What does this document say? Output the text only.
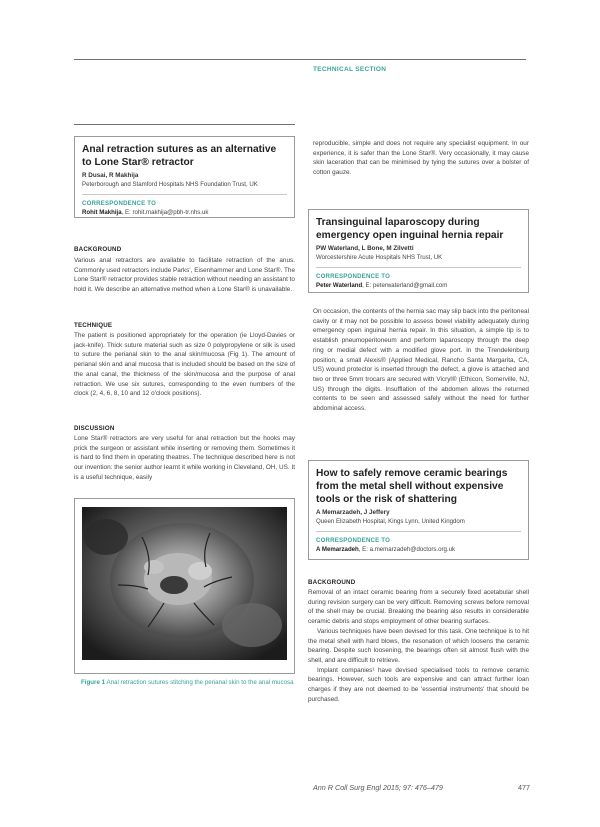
TECHNICAL SECTION
Anal retraction sutures as an alternative to Lone Star® retractor
R Dusai, R Makhija
Peterborough and Stamford Hospitals NHS Foundation Trust, UK
CORRESPONDENCE TO
Rohit Makhija, E: rohit.makhija@pbh-tr.nhs.uk
BACKGROUND
Various anal retractors are available to facilitate retraction of the anus. Commonly used retractors include Parks', Eisenhammer and Lone Star®. The Lone Star® retractor provides stable retraction without needing an assistant to hold it. We describe an alternative method when a Lone Star® is unavailable.
TECHNIQUE
The patient is positioned appropriately for the operation (ie Lloyd-Davies or jack-knife). Thick suture material such as size 0 polypropylene or silk is used to suture the perianal skin to the anal skin/mucosa (Fig 1). The amount of perianal skin and anal mucosa that is included should be based on the size of the anal canal, the thickness of the skin/mucosa and the purpose of anal retraction. We use six sutures, corresponding to the even numbers of the clock (2, 4, 6, 8, 10 and 12 o'clock positions).
DISCUSSION
Lone Star® retractors are very useful for anal retraction but the hooks may prick the surgeon or assistant while inserting or removing them. Sometimes it is hard to find them in operating theatres. The technique described here is not our invention: the senior author learnt it while working in Cleveland, OH, US. It is a useful technique, easily
Figure 1 Anal retraction sutures stitching the perianal skin to the anal mucosa
reproducible, simple and does not require any specialist equipment. In our experience, it is safer than the Lone Star®. Very occasionally, it may cause skin laceration that can be minimised by tying the sutures over a bolster of cotton gauze.
Transinguinal laparoscopy during emergency open inguinal hernia repair
PW Waterland, L Bone, M Zilvetti
Worcestershire Acute Hospitals NHS Trust, UK
CORRESPONDENCE TO
Peter Waterland, E: peterwaterland@gmail.com
On occasion, the contents of the hernia sac may slip back into the peritoneal cavity or it may not be possible to assess bowel viability adequately during emergency open inguinal hernia repair. In this situation, a simple tip is to establish pneumoperitoneum and perform laparoscopy through the deep ring or medial defect with a modified glove port. In the Trendelenburg position, a small Alexis® (Applied Medical, Rancho Santa Margarita, CA, US) wound protector is inserted through the defect, a glove is attached and two or three 5mm trocars are secured with Vicryl® (Ethicon, Somerville, NJ, US) through the digits. Insufflation of the abdomen allows the returned contents to be seen and assessed safely without the need for further abdominal access.
How to safely remove ceramic bearings from the metal shell without expensive tools or the risk of shattering
A Memarzadeh, J Jeffery
Queen Elizabeth Hospital, Kings Lynn, United Kingdom
CORRESPONDENCE TO
A Memarzadeh, E: a.memarzadeh@doctors.org.uk
BACKGROUND

Removal of an intact ceramic bearing from a securely fixed acetabular shell during revision surgery can be very difficult. Removing screws before removal of the shell may be crucial. Breaking the bearing also results in considerable ceramic debris and stops employment of other bearing surfaces.

Various techniques have been devised for this task. One technique is to hit the metal shell with hard blows, the resonation of which loosens the ceramic bearing. Despite such loosening, the bearings often sit almost flush with the shell, and are difficult to retrieve.

Implant companies¹ have devised specialised tools to remove ceramic bearings. However, such tools are expensive and can attract further loan charges if they are not deemed to be 'essential instruments' that should be purchased.

Ann R Coll Surg Engl 2015; 97: 476–479	477
